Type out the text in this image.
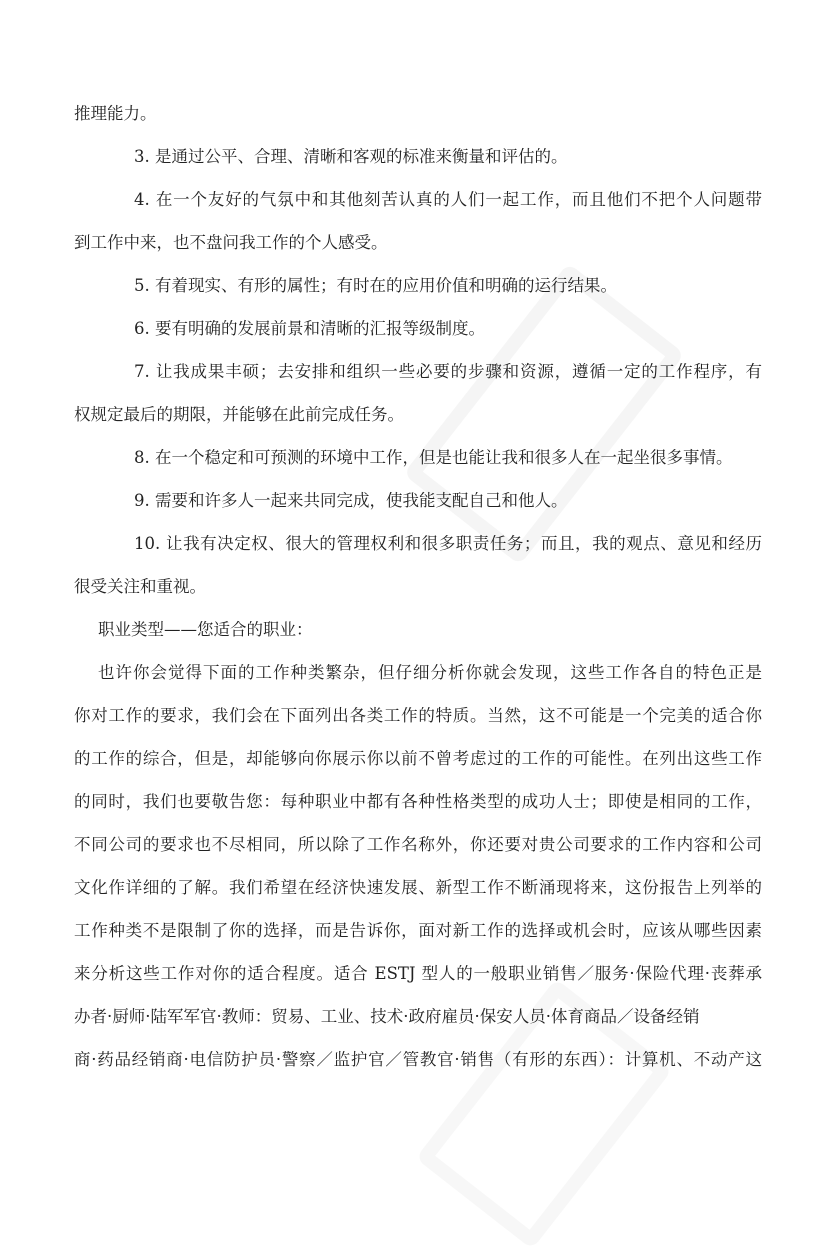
推理能力。
3. 是通过公平、合理、清晰和客观的标准来衡量和评估的。
4. 在一个友好的气氛中和其他刻苦认真的人们一起工作，而且他们不把个人问题带
到工作中来，也不盘问我工作的个人感受。
5. 有着现实、有形的属性；有时在的应用价值和明确的运行结果。
6. 要有明确的发展前景和清晰的汇报等级制度。
7. 让我成果丰硕；去安排和组织一些必要的步骤和资源，遵循一定的工作程序，有
权规定最后的期限，并能够在此前完成任务。
8. 在一个稳定和可预测的环境中工作，但是也能让我和很多人在一起坐很多事情。
9. 需要和许多人一起来共同完成，使我能支配自己和他人。
10. 让我有决定权、很大的管理权利和很多职责任务；而且，我的观点、意见和经历
很受关注和重视。
职业类型——您适合的职业：
也许你会觉得下面的工作种类繁杂，但仔细分析你就会发现，这些工作各自的特色正是
你对工作的要求，我们会在下面列出各类工作的特质。当然，这不可能是一个完美的适合你
的工作的综合，但是，却能够向你展示你以前不曾考虑过的工作的可能性。在列出这些工作
的同时，我们也要敬告您：每种职业中都有各种性格类型的成功人士；即使是相同的工作，
不同公司的要求也不尽相同，所以除了工作名称外，你还要对贵公司要求的工作内容和公司
文化作详细的了解。我们希望在经济快速发展、新型工作不断涌现将来，这份报告上列举的
工作种类不是限制了你的选择，而是告诉你，面对新工作的选择或机会时，应该从哪些因素
来分析这些工作对你的适合程度。适合 ESTJ 型人的一般职业销售／服务·保险代理·丧葬承
办者·厨师·陆军军官·教师：贸易、工业、技术·政府雇员·保安人员·体育商品／设备经销
商·药品经销商·电信防护员·警察／监护官／管教官·销售（有形的东西）：计算机、不动产这
